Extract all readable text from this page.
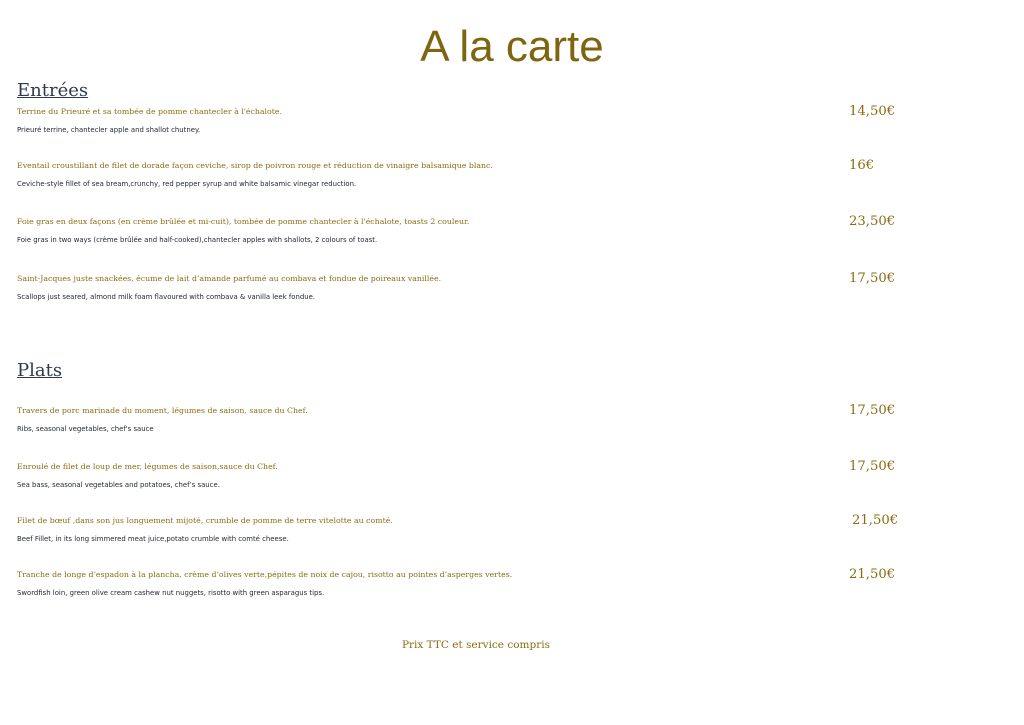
A la carte
Entrées
Terrine du Prieuré et sa tombée de pomme chantecler à l'échalote.
Prieuré terrine, chantecler apple and shallot chutney.
14,50€
Eventail croustillant de filet de dorade façon ceviche, sirop de poivron rouge et réduction de vinaigre balsamique blanc.
Ceviche-style fillet of sea bream,crunchy, red pepper syrup and white balsamic vinegar reduction.
16€
Foie gras en deux façons (en crème brûlée et mi-cuit), tombée de pomme chantecler à l'échalote, toasts 2 couleur.
Foie gras in two ways (crème brûlée and half-cooked),chantecler apples with shallots, 2 colours of toast.
23,50€
Saint-Jacques juste snackées, écume de lait d’amande parfumé au combava et fondue de poireaux vanillée.
Scallops just seared, almond milk foam flavoured with combava & vanilla leek fondue.
17,50€
Plats
Travers de porc marinade du moment, légumes de saison, sauce du Chef.
Ribs, seasonal vegetables, chef's sauce
17,50€
Enroulé de filet de loup de mer, légumes de saison,sauce du Chef.
Sea bass, seasonal vegetables and potatoes, chef’s sauce.
17,50€
Filet de bœuf ,dans son jus longuement mijoté, crumble de pomme de terre vitelotte au comté.
Beef Fillet, in its long simmered meat juice,potato crumble with comté cheese.
21,50€
Tranche de longe d’espadon à la plancha, crème d’olives verte,pépites de noix de cajou, risotto au pointes d’asperges vertes.
Swordfish loin, green olive cream cashew nut nuggets, risotto with green asparagus tips.
21,50€
Prix TTC et service compris
